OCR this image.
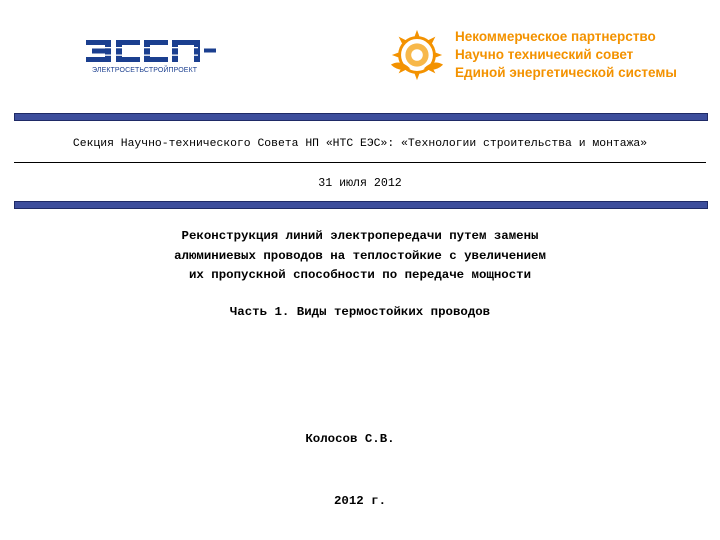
ЭЛЕКТРОСЕТЬСТРОЙПРОЕКТ
Некоммерческое партнерство
Научно технический совет
Единой энергетической системы
Секция Научно-технического Совета НП «НТС ЕЭС»: «Технологии строительства и монтажа»
31 июля 2012
Реконструкция линий электропередачи путем замены
алюминиевых проводов на теплостойкие с увеличением
их пропускной способности по передаче мощности
Часть 1. Виды термостойких проводов
Колосов С.В.
2012 г.
